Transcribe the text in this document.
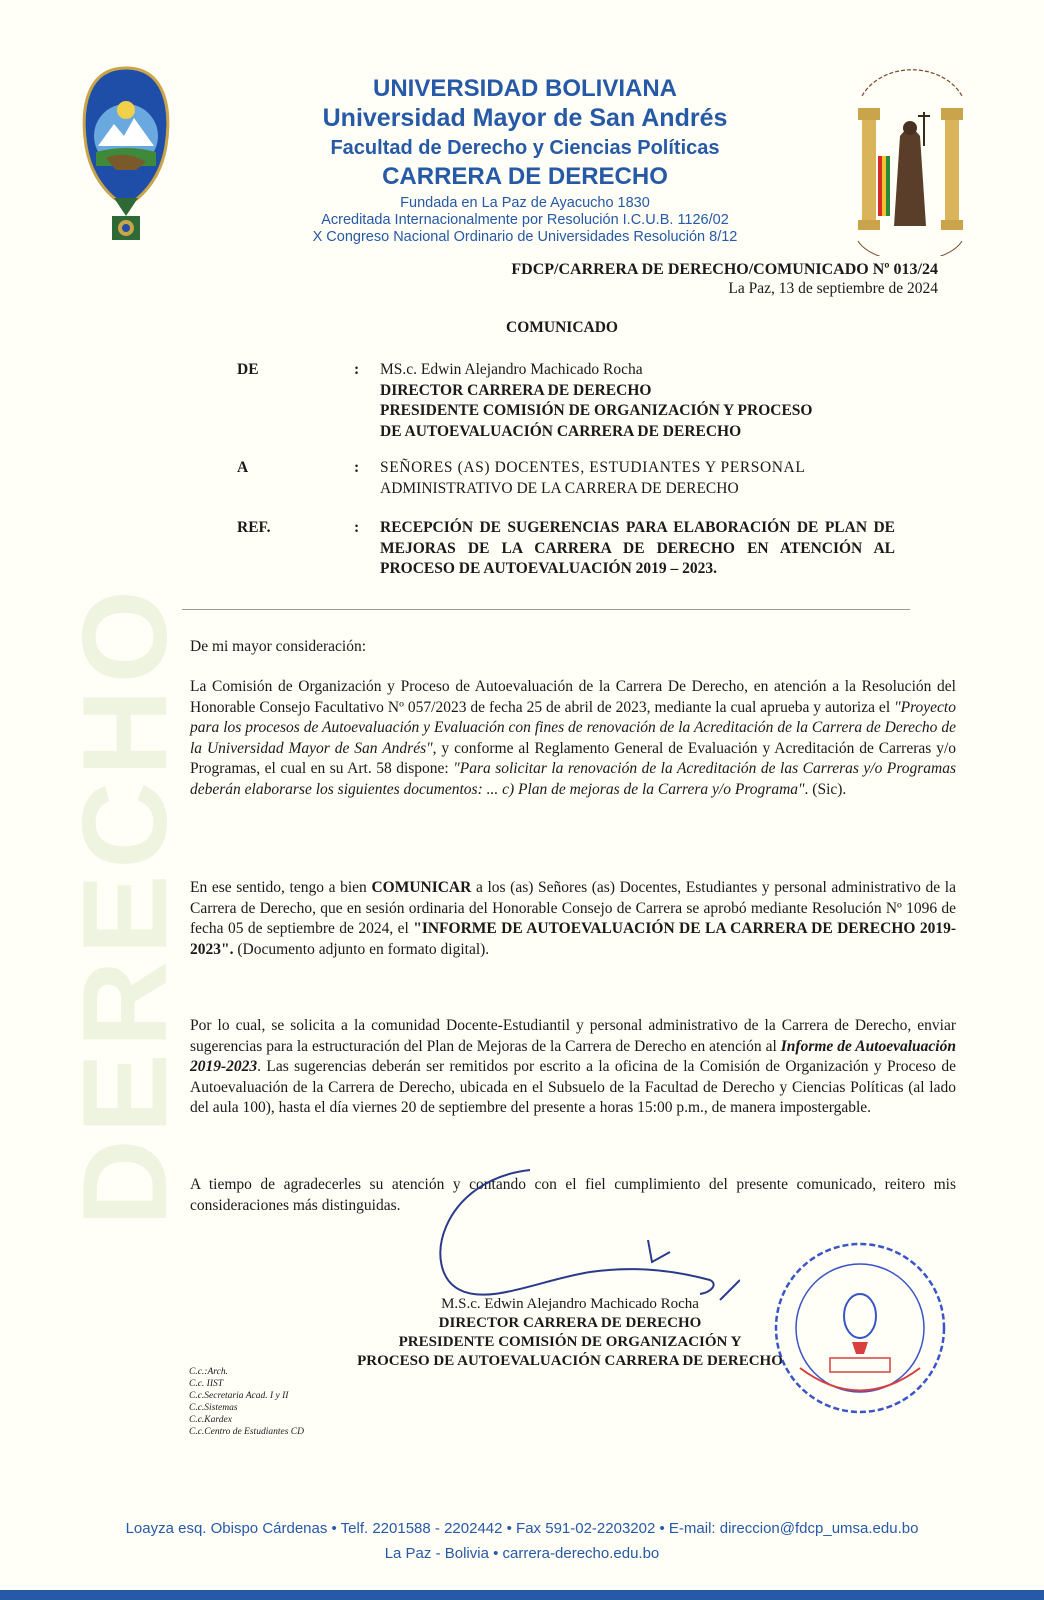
DERECHO
UNIVERSIDAD BOLIVIANA
Universidad Mayor de San Andrés
Facultad de Derecho y Ciencias Políticas
CARRERA DE DERECHO
Fundada en La Paz de Ayacucho 1830
Acreditada Internacionalmente por Resolución I.C.U.B. 1126/02
X Congreso Nacional Ordinario de Universidades Resolución 8/12
FDCP/CARRERA DE DERECHO/COMUNICADO Nº 013/24
La Paz, 13 de septiembre de 2024
COMUNICADO
DE	: MS.c. Edwin Alejandro Machicado Rocha
DIRECTOR CARRERA DE DERECHO
PRESIDENTE COMISIÓN DE ORGANIZACIÓN Y PROCESO
DE AUTOEVALUACIÓN CARRERA DE DERECHO
A	: SEÑORES (AS) DOCENTES, ESTUDIANTES Y PERSONAL
ADMINISTRATIVO DE LA CARRERA DE DERECHO
REF.	: RECEPCIÓN DE SUGERENCIAS PARA ELABORACIÓN DE PLAN DE MEJORAS DE LA CARRERA DE DERECHO EN ATENCIÓN AL PROCESO DE AUTOEVALUACIÓN 2019 – 2023.
De mi mayor consideración:
La Comisión de Organización y Proceso de Autoevaluación de la Carrera De Derecho, en atención a la Resolución del Honorable Consejo Facultativo Nº 057/2023 de fecha 25 de abril de 2023, mediante la cual aprueba y autoriza el "Proyecto para los procesos de Autoevaluación y Evaluación con fines de renovación de la Acreditación de la Carrera de Derecho de la Universidad Mayor de San Andrés", y conforme al Reglamento General de Evaluación y Acreditación de Carreras y/o Programas, el cual en su Art. 58 dispone: "Para solicitar la renovación de la Acreditación de las Carreras y/o Programas deberán elaborarse los siguientes documentos: ... c) Plan de mejoras de la Carrera y/o Programa". (Sic).
En ese sentido, tengo a bien COMUNICAR a los (as) Señores (as) Docentes, Estudiantes y personal administrativo de la Carrera de Derecho, que en sesión ordinaria del Honorable Consejo de Carrera se aprobó mediante Resolución Nº 1096 de fecha 05 de septiembre de 2024, el "INFORME DE AUTOEVALUACIÓN DE LA CARRERA DE DERECHO 2019-2023". (Documento adjunto en formato digital).
Por lo cual, se solicita a la comunidad Docente-Estudiantil y personal administrativo de la Carrera de Derecho, enviar sugerencias para la estructuración del Plan de Mejoras de la Carrera de Derecho en atención al Informe de Autoevaluación 2019-2023. Las sugerencias deberán ser remitidos por escrito a la oficina de la Comisión de Organización y Proceso de Autoevaluación de la Carrera de Derecho, ubicada en el Subsuelo de la Facultad de Derecho y Ciencias Políticas (al lado del aula 100), hasta el día viernes 20 de septiembre del presente a horas 15:00 p.m., de manera impostergable.
A tiempo de agradecerles su atención y contando con el fiel cumplimiento del presente comunicado, reitero mis consideraciones más distinguidas.
M.S.c. Edwin Alejandro Machicado Rocha
DIRECTOR CARRERA DE DERECHO
PRESIDENTE COMISIÓN DE ORGANIZACIÓN Y
PROCESO DE AUTOEVALUACIÓN CARRERA DE DERECHO
C.c.:Arch.
C.c. IIST
C.c.Secretaria Acad. I y II
C.c.Sistemas
C.c.Kardex
C.c.Centro de Estudiantes CD
Loayza esq. Obispo Cárdenas • Telf. 2201588 - 2202442 • Fax 591-02-2203202 • E-mail: direccion@fdcp_umsa.edu.bo
La Paz - Bolivia • carrera-derecho.edu.bo
